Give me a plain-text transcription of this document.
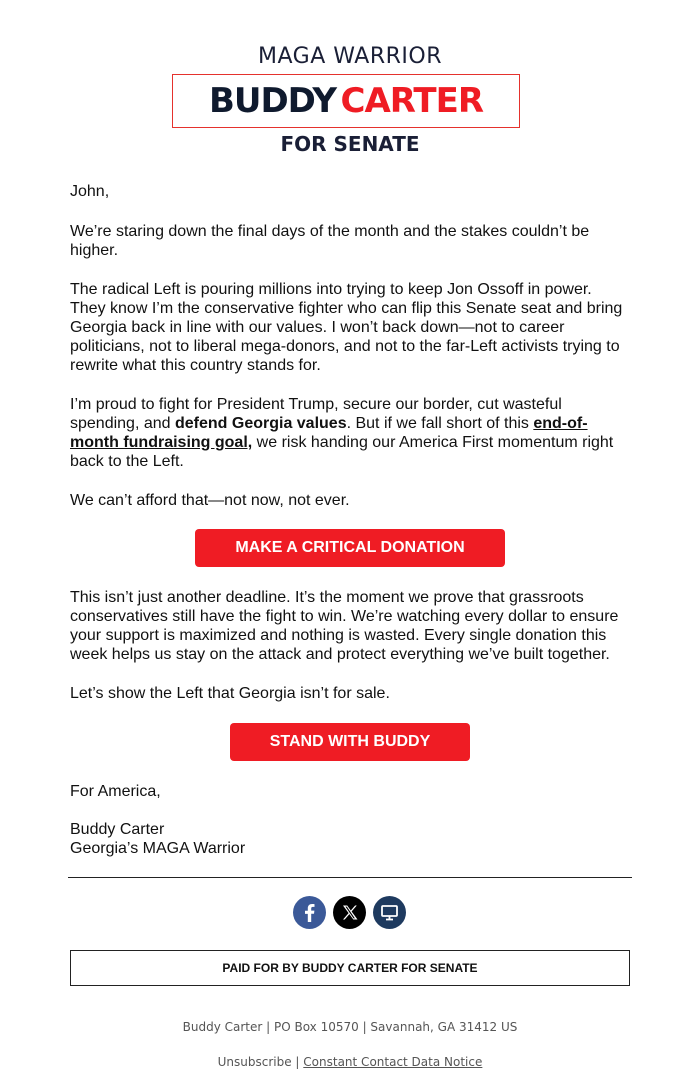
MAGA WARRIOR
BUDDY CARTER
FOR SENATE
John,
We’re staring down the final days of the month and the stakes couldn’t be higher.
The radical Left is pouring millions into trying to keep Jon Ossoff in power. They know I’m the conservative fighter who can flip this Senate seat and bring Georgia back in line with our values. I won’t back down—not to career politicians, not to liberal mega-donors, and not to the far-Left activists trying to rewrite what this country stands for.
I’m proud to fight for President Trump, secure our border, cut wasteful spending, and defend Georgia values. But if we fall short of this end-of-month fundraising goal, we risk handing our America First momentum right back to the Left.
We can’t afford that—not now, not ever.
MAKE A CRITICAL DONATION
This isn’t just another deadline. It’s the moment we prove that grassroots conservatives still have the fight to win. We’re watching every dollar to ensure your support is maximized and nothing is wasted. Every single donation this week helps us stay on the attack and protect everything we’ve built together.
Let’s show the Left that Georgia isn’t for sale.
STAND WITH BUDDY
For America,
Buddy Carter
Georgia’s MAGA Warrior
PAID FOR BY BUDDY CARTER FOR SENATE
Buddy Carter | PO Box 10570 | Savannah, GA 31412 US
Unsubscribe | Constant Contact Data Notice
